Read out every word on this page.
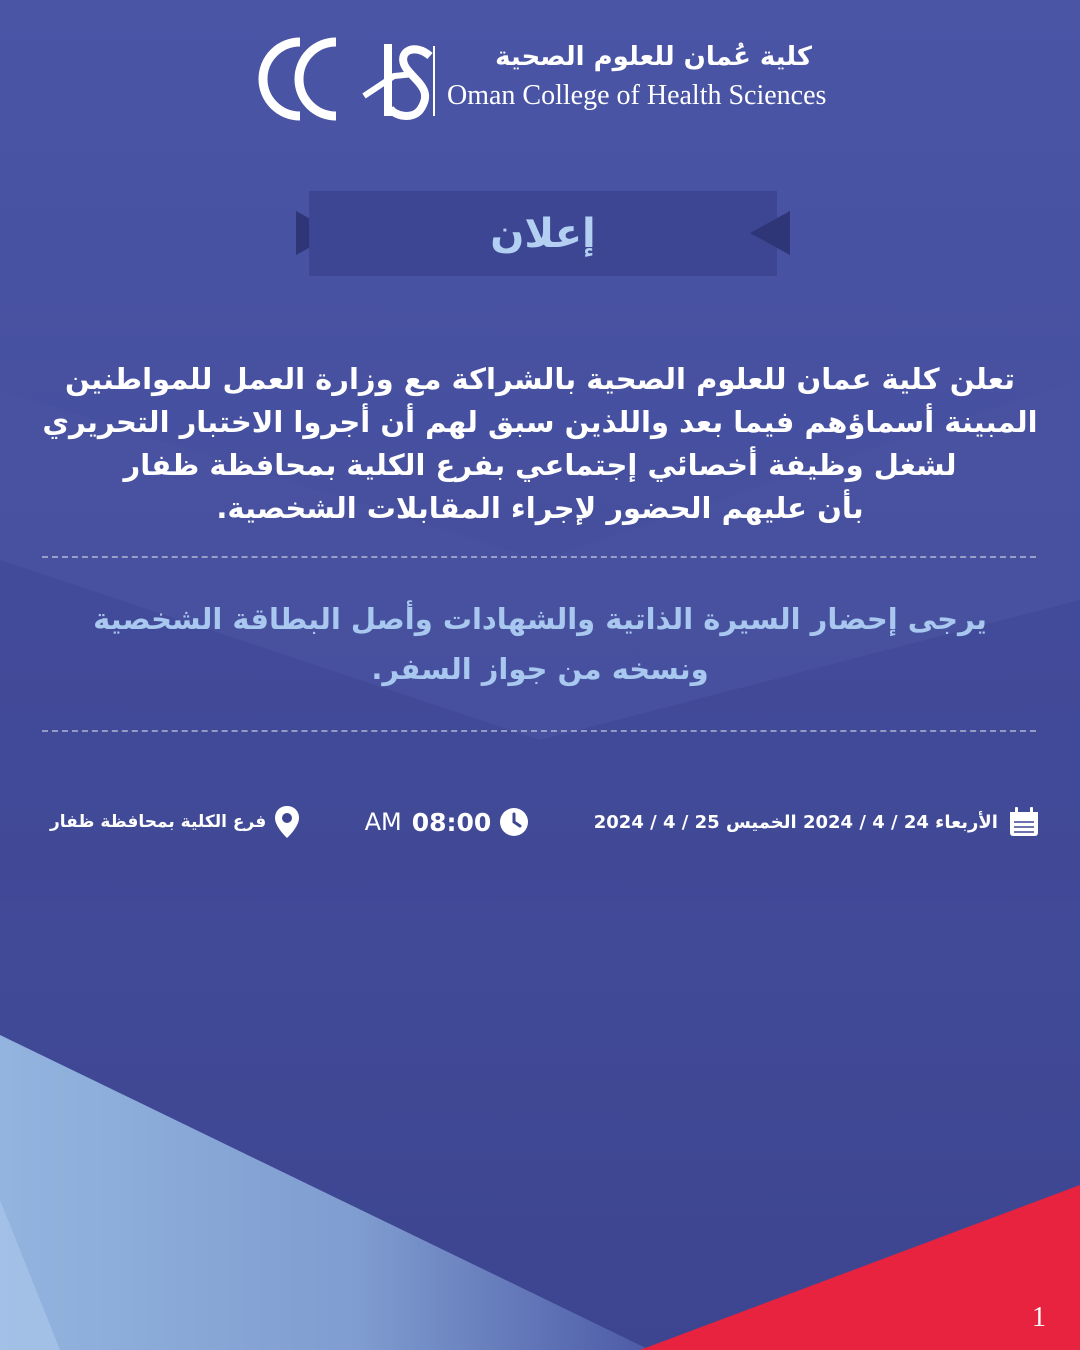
كلية عُمان للعلوم الصحية
Oman College of Health Sciences
إعلان
تعلن كلية عمان للعلوم الصحية بالشراكة مع وزارة العمل للمواطنين
المبينة أسماؤهم فيما بعد واللذين سبق لهم أن أجروا الاختبار التحريري
لشغل وظيفة أخصائي إجتماعي بفرع الكلية بمحافظة ظفار
بأن عليهم الحضور لإجراء المقابلات الشخصية.
يرجى إحضار السيرة الذاتية والشهادات وأصل البطاقة الشخصية
ونسخه من جواز السفر.
الأربعاء 24 / 4 / 2024 الخميس 25 / 4 / 2024
08:00
AM
فرع الكلية بمحافظة ظفار
1
